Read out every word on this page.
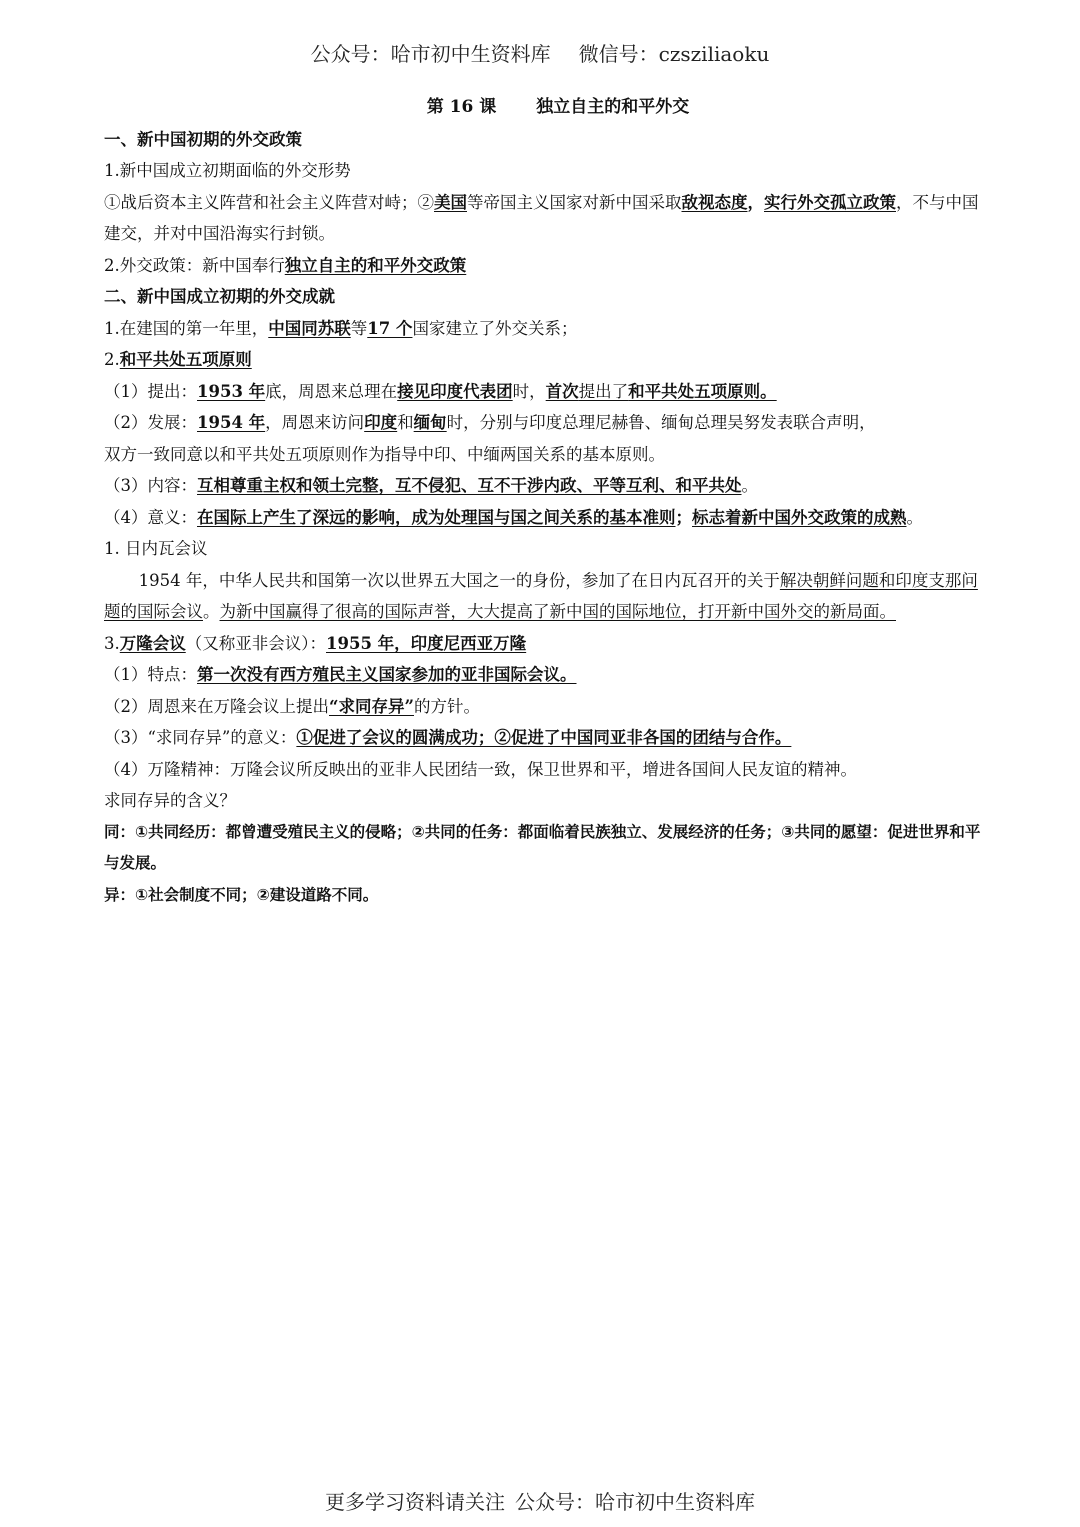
公众号：哈市初中生资料库 微信号：czsziliaoku
第 16 课 独立自主的和平外交
一、新中国初期的外交政策
1.新中国成立初期面临的外交形势
①战后资本主义阵营和社会主义阵营对峙；②美国等帝国主义国家对新中国采取敌视态度，实行外交孤立政策，不与中国建交，并对中国沿海实行封锁。
2.外交政策：新中国奉行独立自主的和平外交政策
二、新中国成立初期的外交成就
1.在建国的第一年里，中国同苏联等17 个国家建立了外交关系；
2.和平共处五项原则
（1）提出：1953 年底，周恩来总理在接见印度代表团时，首次提出了和平共处五项原则。
（2）发展：1954 年，周恩来访问印度和缅甸时，分别与印度总理尼赫鲁、缅甸总理吴努发表联合声明，
双方一致同意以和平共处五项原则作为指导中印、中缅两国关系的基本原则。
（3）内容：互相尊重主权和领土完整，互不侵犯、互不干涉内政、平等互利、和平共处。
（4）意义：在国际上产生了深远的影响，成为处理国与国之间关系的基本准则；标志着新中国外交政策的成熟。
1. 日内瓦会议
1954 年，中华人民共和国第一次以世界五大国之一的身份，参加了在日内瓦召开的关于解决朝鲜问题和印度支那问题的国际会议。为新中国赢得了很高的国际声誉，大大提高了新中国的国际地位，打开新中国外交的新局面。
3.万隆会议（又称亚非会议）：1955 年，印度尼西亚万隆
（1）特点：第一次没有西方殖民主义国家参加的亚非国际会议。
（2）周恩来在万隆会议上提出“求同存异”的方针。
（3）“求同存异”的意义：①促进了会议的圆满成功；②促进了中国同亚非各国的团结与合作。
（4）万隆精神：万隆会议所反映出的亚非人民团结一致，保卫世界和平，增进各国间人民友谊的精神。
求同存异的含义？
同：①共同经历：都曾遭受殖民主义的侵略；②共同的任务：都面临着民族独立、发展经济的任务；③共同的愿望：促进世界和平与发展。
异：①社会制度不同；②建设道路不同。
更多学习资料请关注 公众号：哈市初中生资料库
